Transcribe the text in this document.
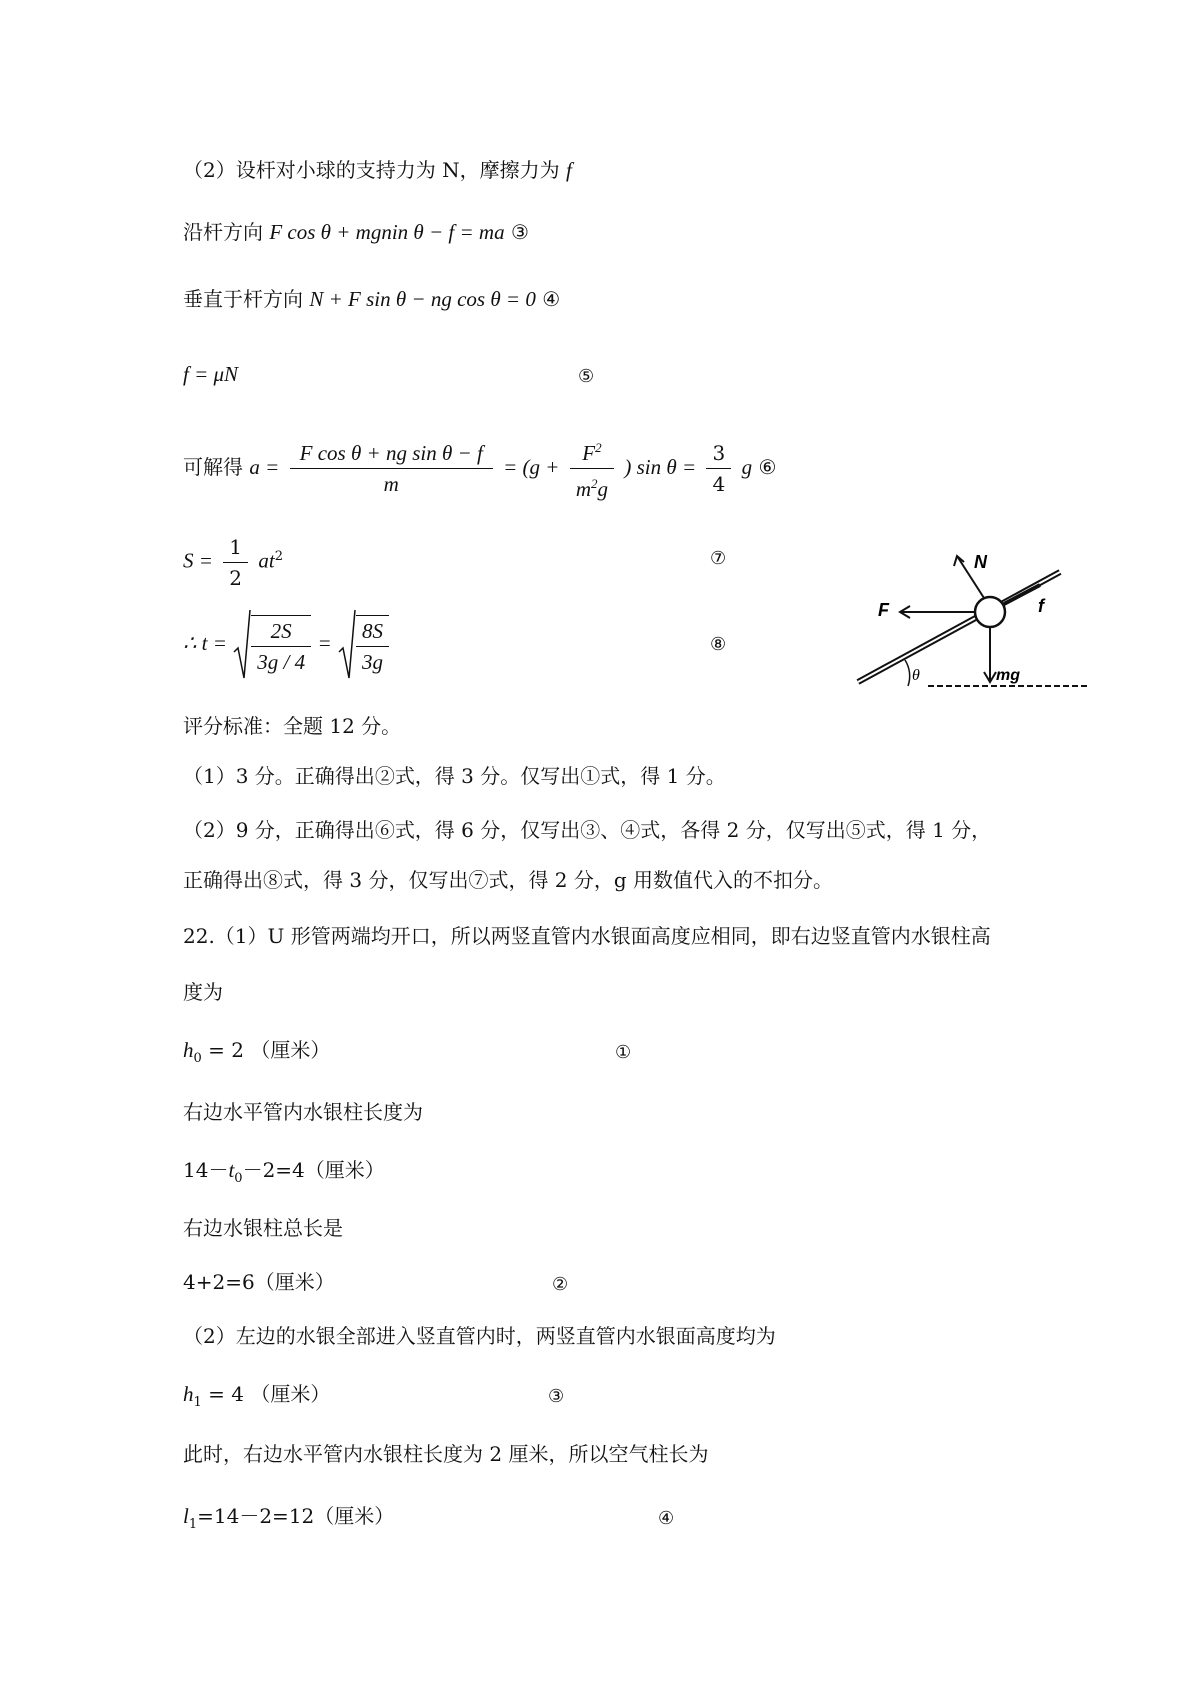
（2）设杆对小球的支持力为 N，摩擦力为 f
沿杆方向 F cos θ + mgnin θ − f = ma ③
垂直于杆方向 N + F sin θ − ng cos θ = 0 ④
f = μN	⑤
可解得 $a = \frac{\text{F cos θ + ng sin θ − f}}{m} = (g + \frac{F^2}{m^2g}$ ) $\sin \theta = \frac{3}{4}$ g ⑥
$S = \frac{1}{2} at^2$	⑦
∴ $t = \frac{2S}{3g / 4} = \frac{8S}{3g}$	⑧
θ
N
F	f
mg
评分标准：全题 12 分。
（1）3 分。正确得出②式，得 3 分。仅写出①式，得 1 分。
（2）9 分，正确得出⑥式，得 6 分，仅写出③、④式，各得 2 分，仅写出⑤式，得 1 分，
正确得出⑧式，得 3 分，仅写出⑦式，得 2 分，g 用数值代入的不扣分。
22.（1）U 形管两端均开口，所以两竖直管内水银面高度应相同，即右边竖直管内水银柱高
度为
$h_0 = 2$ （厘米）	①
右边水平管内水银柱长度为
$14-t_0-2=4$（厘米）
右边水银柱总长是
4+2=6（厘米）	②
（2）左边的水银全部进入竖直管内时，两竖直管内水银面高度均为
$h_1 = 4$ （厘米）	③
此时，右边水平管内水银柱长度为 2 厘米，所以空气柱长为
$l_1=14-2=12$（厘米）	④
